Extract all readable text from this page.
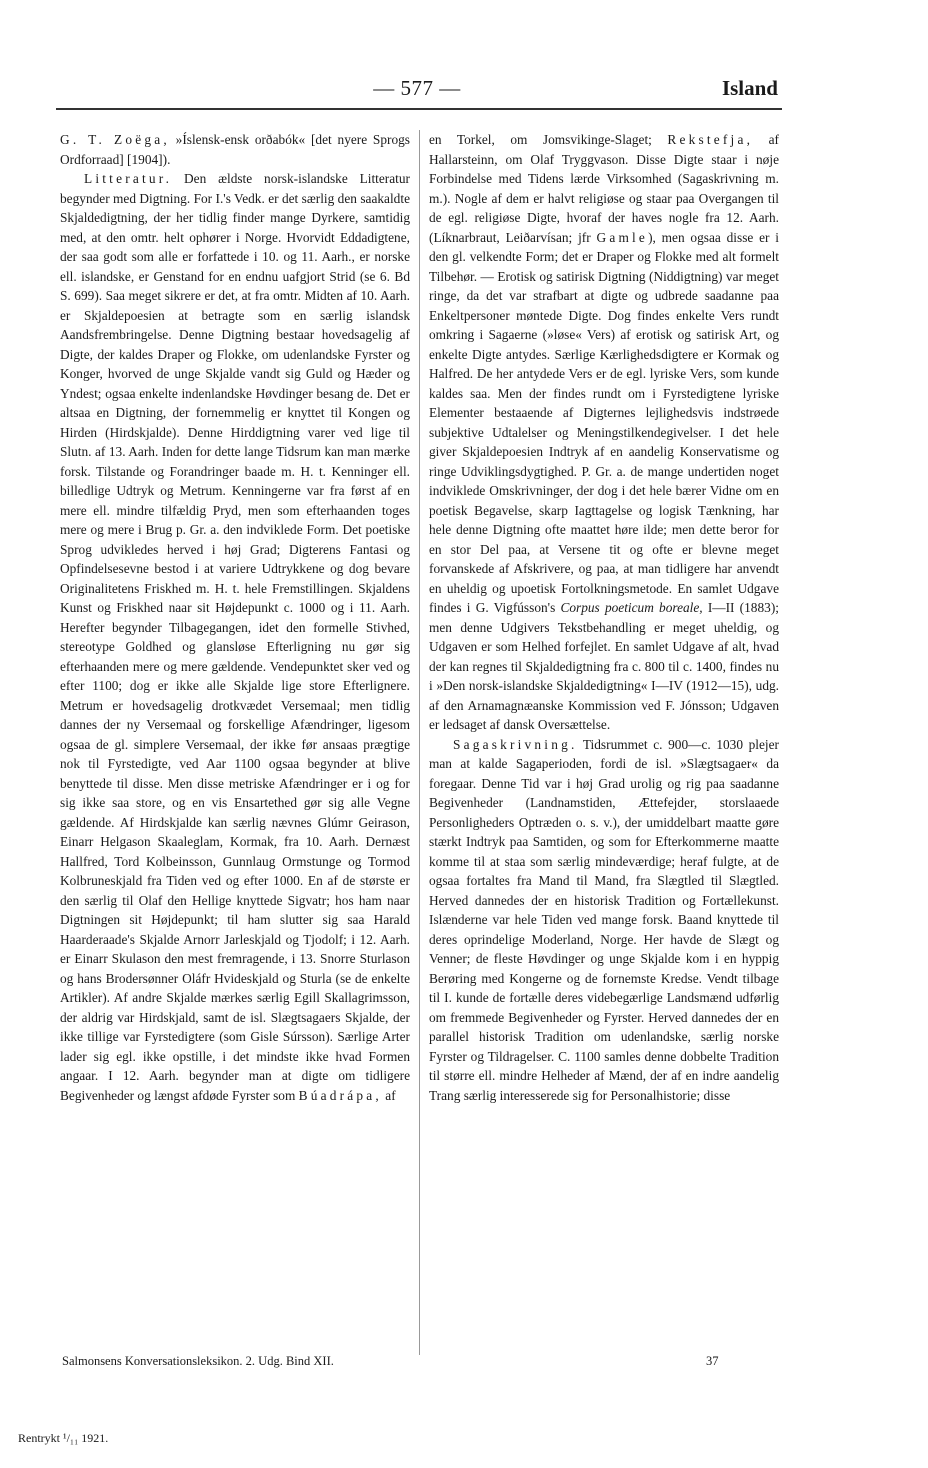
— 577 —	Island

G. T. Zoëga, »Íslensk-ensk orðabók« [det nyere Sprogs Ordforraad] [1904]).

Litteratur. Den ældste norsk-islandske Litteratur begynder med Digtning. For I.'s Vedk. er det særlig den saakaldte Skjaldedigtning, der her tidlig finder mange Dyrkere, samtidig med, at den omtr. helt ophører i Norge. Hvorvidt Eddadigtene, der saa godt som alle er forfattede i 10. og 11. Aarh., er norske ell. islandske, er Genstand for en endnu uafgjort Strid (se 6. Bd S. 699). Saa meget sikrere er det, at fra omtr. Midten af 10. Aarh. er Skjaldepoesien at betragte som en særlig islandsk Aandsfrembringelse. Denne Digtning bestaar hovedsagelig af Digte, der kaldes Draper og Flokke, om udenlandske Fyrster og Konger, hvorved de unge Skjalde vandt sig Guld og Hæder og Yndest; ogsaa enkelte indenlandske Høvdinger besang de. Det er altsaa en Digtning, der fornemmelig er knyttet til Kongen og Hirden (Hirdskjalde). Denne Hirddigtning varer ved lige til Slutn. af 13. Aarh. Inden for dette lange Tidsrum kan man mærke forsk. Tilstande og Forandringer baade m. H. t. Kenninger ell. billedlige Udtryk og Metrum. Kenningerne var fra først af en mere ell. mindre tilfældig Pryd, men som efterhaanden toges mere og mere i Brug p. Gr. a. den indviklede Form. Det poetiske Sprog udvikledes herved i høj Grad; Digterens Fantasi og Opfindelsesevne bestod i at variere Udtrykkene og dog bevare Originalitetens Friskhed m. H. t. hele Fremstillingen. Skjaldens Kunst og Friskhed naar sit Højdepunkt c. 1000 og i 11. Aarh. Herefter begynder Tilbagegangen, idet den formelle Stivhed, stereotype Goldhed og glansløse Efterligning nu gør sig efterhaanden mere og mere gældende. Vendepunktet sker ved og efter 1100; dog er ikke alle Skjalde lige store Efterlignere. Metrum er hovedsagelig drotkvædet Versemaal; men tidlig dannes der ny Versemaal og forskellige Afændringer, ligesom ogsaa de gl. simplere Versemaal, der ikke før ansaas prægtige nok til Fyrstedigte, ved Aar 1100 ogsaa begynder at blive benyttede til disse. Men disse metriske Afændringer er i og for sig ikke saa store, og en vis Ensartethed gør sig alle Vegne gældende. Af Hirdskjalde kan særlig nævnes Glúmr Geirason, Einarr Helgason Skaaleglam, Kormak, fra 10. Aarh. Dernæst Hallfred, Tord Kolbeinsson, Gunnlaug Ormstunge og Tormod Kolbruneskjald fra Tiden ved og efter 1000. En af de største er den særlig til Olaf den Hellige knyttede Sigvatr; hos ham naar Digtningen sit Højdepunkt; til ham slutter sig saa Harald Haarderaade's Skjalde Arnorr Jarleskjald og Tjodolf; i 12. Aarh. er Einarr Skulason den mest fremragende, i 13. Snorre Sturlason og hans Brodersønner Oláfr Hvideskjald og Sturla (se de enkelte Artikler). Af andre Skjalde mærkes særlig Egill Skallagrimsson, der aldrig var Hirdskjald, samt de isl. Slægtsagaers Skjalde, der ikke tillige var Fyrstedigtere (som Gisle Súrsson). Særlige Arter lader sig egl. ikke opstille, i det mindste ikke hvad Formen angaar. I 12. Aarh. begynder man at digte om tidligere Begivenheder og længst afdøde Fyrster som Búadrápa, af

en Torkel, om Jomsvikinge-Slaget; Rekstefja, af Hallarsteinn, om Olaf Tryggvason. Disse Digte staar i nøje Forbindelse med Tidens lærde Virksomhed (Sagaskrivning m. m.). Nogle af dem er halvt religiøse og staar paa Overgangen til de egl. religiøse Digte, hvoraf der haves nogle fra 12. Aarh. (Líknarbraut, Leiðarvísan; jfr Gamle), men ogsaa disse er i den gl. velkendte Form; det er Draper og Flokke med alt formelt Tilbehør. — Erotisk og satirisk Digtning (Niddigtning) var meget ringe, da det var strafbart at digte og udbrede saadanne paa Enkeltpersoner møntede Digte. Dog findes enkelte Vers rundt omkring i Sagaerne (»løse« Vers) af erotisk og satirisk Art, og enkelte Digte antydes. Særlige Kærlighedsdigtere er Kormak og Halfred. De her antydede Vers er de egl. lyriske Vers, som kunde kaldes saa. Men der findes rundt om i Fyrstedigtene lyriske Elementer bestaaende af Digternes lejlighedsvis indstrøede subjektive Udtalelser og Meningstilkendegivelser. I det hele giver Skjaldepoesien Indtryk af en aandelig Konservatisme og ringe Udviklingsdygtighed. P. Gr. a. de mange undertiden noget indviklede Omskrivninger, der dog i det hele bærer Vidne om en poetisk Begavelse, skarp Iagttagelse og logisk Tænkning, har hele denne Digtning ofte maattet høre ilde; men dette beror for en stor Del paa, at Versene tit og ofte er blevne meget forvanskede af Afskrivere, og paa, at man tidligere har anvendt en uheldig og upoetisk Fortolkningsmetode. En samlet Udgave findes i G. Vigfússon's Corpus poeticum boreale, I—II (1883); men denne Udgivers Tekstbehandling er meget uheldig, og Udgaven er som Helhed forfejlet. En samlet Udgave af alt, hvad der kan regnes til Skjaldedigtning fra c. 800 til c. 1400, findes nu i »Den norsk-islandske Skjaldedigtning« I—IV (1912—15), udg. af den Arnamagnæanske Kommission ved F. Jónsson; Udgaven er ledsaget af dansk Oversættelse.

Sagaskrivning. Tidsrummet c. 900—c. 1030 plejer man at kalde Sagaperioden, fordi de isl. »Slægtsagaer« da foregaar. Denne Tid var i høj Grad urolig og rig paa saadanne Begivenheder (Landnamstiden, Ættefejder, storslaaede Personligheders Optræden o. s. v.), der umiddelbart maatte gøre stærkt Indtryk paa Samtiden, og som for Efterkommerne maatte komme til at staa som særlig mindeværdige; heraf fulgte, at de ogsaa fortaltes fra Mand til Mand, fra Slægtled til Slægtled. Herved dannedes der en historisk Tradition og Fortællekunst. Islænderne var hele Tiden ved mange forsk. Baand knyttede til deres oprindelige Moderland, Norge. Her havde de Slægt og Venner; de fleste Høvdinger og unge Skjalde kom i en hyppig Berøring med Kongerne og de fornemste Kredse. Vendt tilbage til I. kunde de fortælle deres videbegærlige Landsmænd udførlig om fremmede Begivenheder og Fyrster. Herved dannedes der en parallel historisk Tradition om udenlandske, særlig norske Fyrster og Tildragelser. C. 1100 samles denne dobbelte Tradition til større ell. mindre Helheder af Mænd, der af en indre aandelig Trang særlig interesserede sig for Personalhistorie; disse

Salmonsens Konversationsleksikon. 2. Udg. Bind XII.	37
Rentrykt ¹/₁₁ 1921.
